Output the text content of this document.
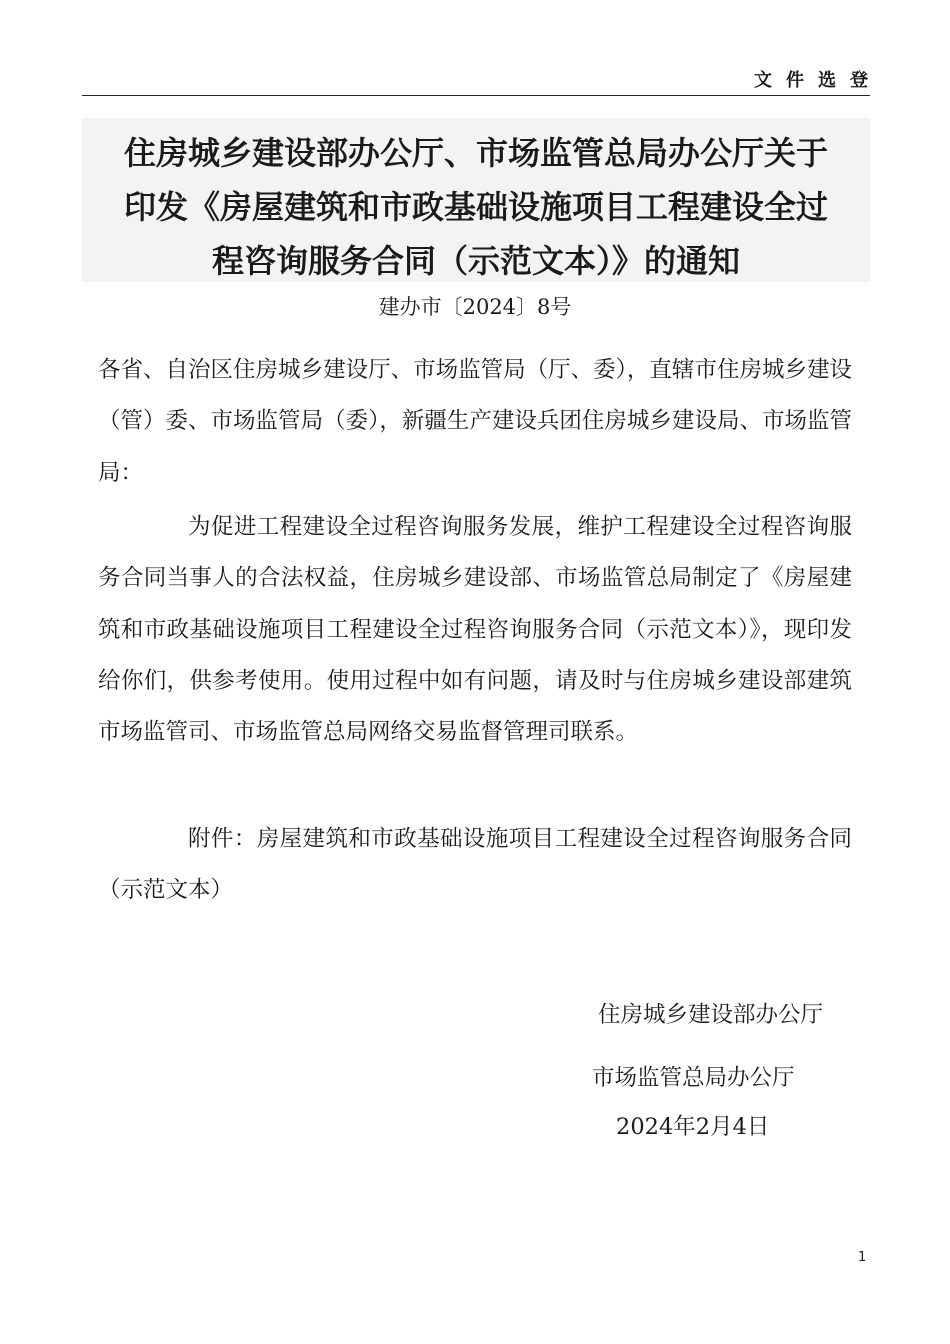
文件选登
住房城乡建设部办公厅、市场监管总局办公厅关于
印发《房屋建筑和市政基础设施项目工程建设全过
程咨询服务合同（示范文本）》的通知
建办市〔2024〕8号

各省、自治区住房城乡建设厅、市场监管局（厅、委），直辖市住房城乡建设（管）委、市场监管局（委），新疆生产建设兵团住房城乡建设局、市场监管局：

为促进工程建设全过程咨询服务发展，维护工程建设全过程咨询服务合同当事人的合法权益，住房城乡建设部、市场监管总局制定了《房屋建筑和市政基础设施项目工程建设全过程咨询服务合同（示范文本）》，现印发给你们，供参考使用。使用过程中如有问题，请及时与住房城乡建设部建筑市场监管司、市场监管总局网络交易监督管理司联系。

附件：房屋建筑和市政基础设施项目工程建设全过程咨询服务合同（示范文本）

住房城乡建设部办公厅
市场监管总局办公厅
2024年2月4日
1
